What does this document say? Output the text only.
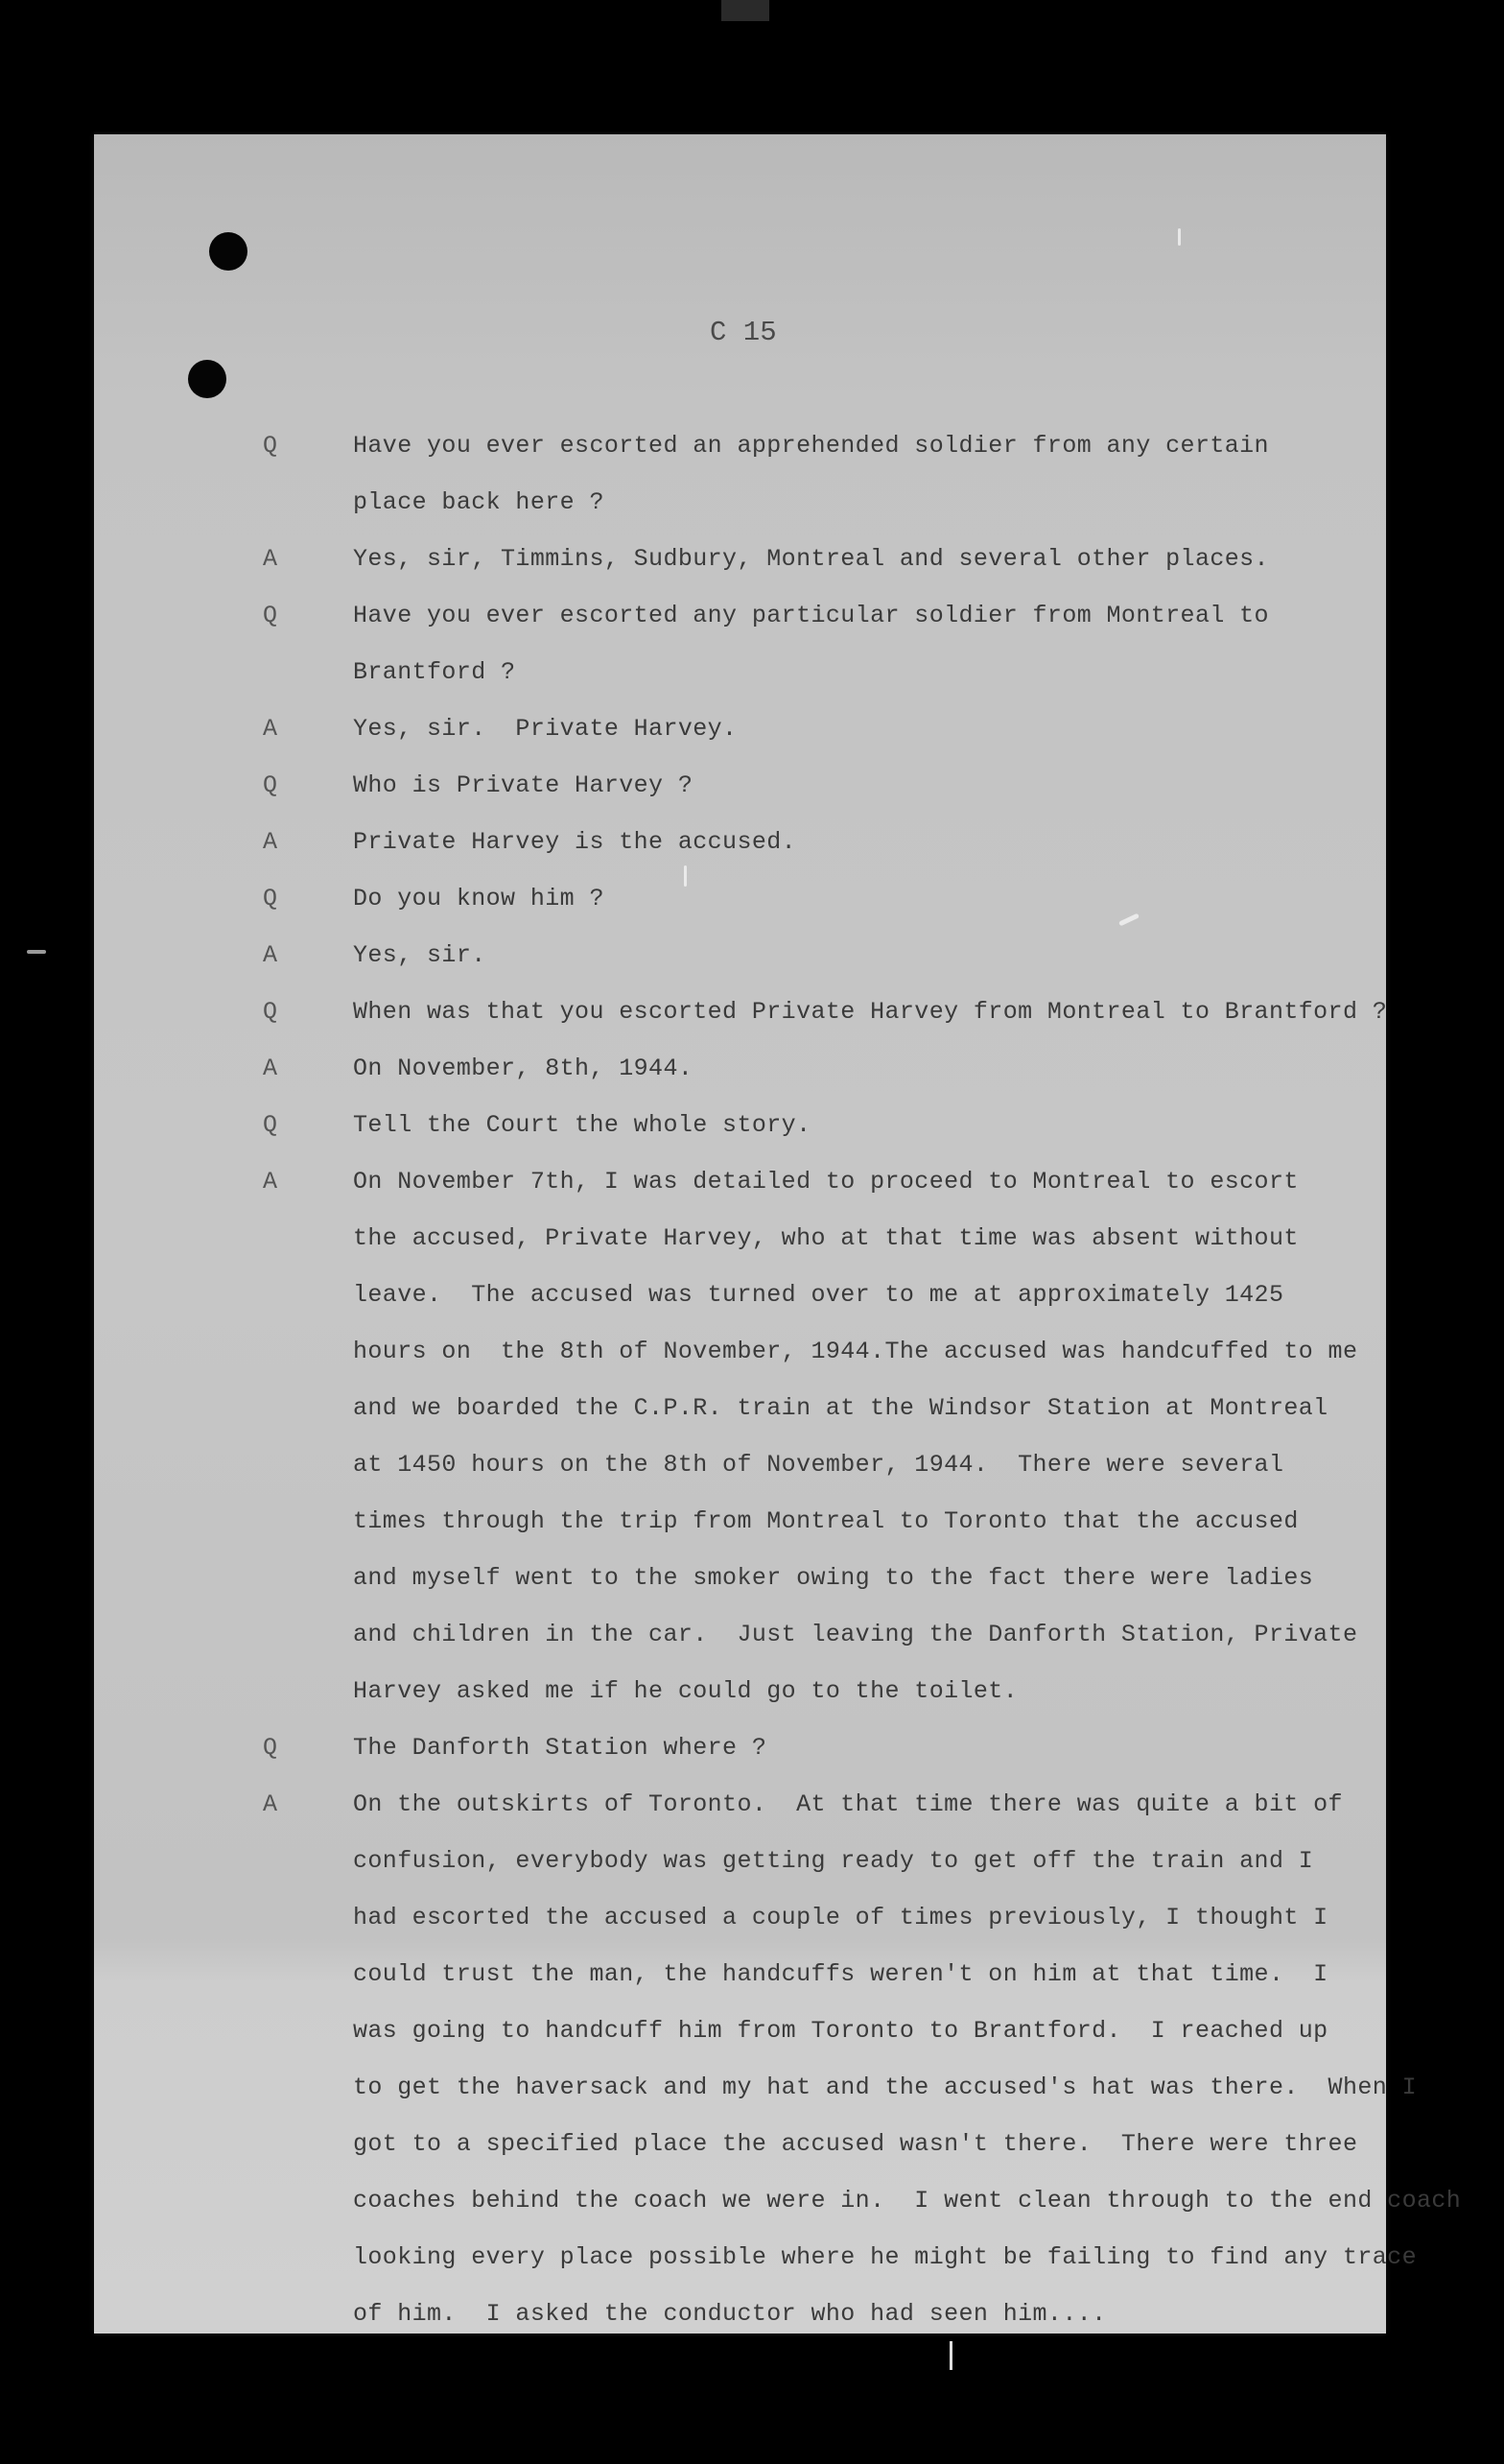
C 15
Q	Have you ever escorted an apprehended soldier from any certain
place back here ?
A	Yes, sir, Timmins, Sudbury, Montreal and several other places.
Q	Have you ever escorted any particular soldier from Montreal to
Brantford ?
A	Yes, sir.  Private Harvey.
Q	Who is Private Harvey ?
A	Private Harvey is the accused.
Q	Do you know him ?
A	Yes, sir.
Q	When was that you escorted Private Harvey from Montreal to Brantford ?
A	On November, 8th, 1944.
Q	Tell the Court the whole story.
A	On November 7th, I was detailed to proceed to Montreal to escort
the accused, Private Harvey, who at that time was absent without
leave.  The accused was turned over to me at approximately 1425
hours on  the 8th of November, 1944.The accused was handcuffed to me
and we boarded the C.P.R. train at the Windsor Station at Montreal
at 1450 hours on the 8th of November, 1944.  There were several
times through the trip from Montreal to Toronto that the accused
and myself went to the smoker owing to the fact there were ladies
and children in the car.  Just leaving the Danforth Station, Private
Harvey asked me if he could go to the toilet.
Q	The Danforth Station where ?
A	On the outskirts of Toronto.  At that time there was quite a bit of
confusion, everybody was getting ready to get off the train and I
had escorted the accused a couple of times previously, I thought I
could trust the man, the handcuffs weren't on him at that time.  I
was going to handcuff him from Toronto to Brantford.  I reached up
to get the haversack and my hat and the accused's hat was there.  When I
got to a specified place the accused wasn't there.  There were three
coaches behind the coach we were in.  I went clean through to the end coach
looking every place possible where he might be failing to find any trace
of him.  I asked the conductor who had seen him....
